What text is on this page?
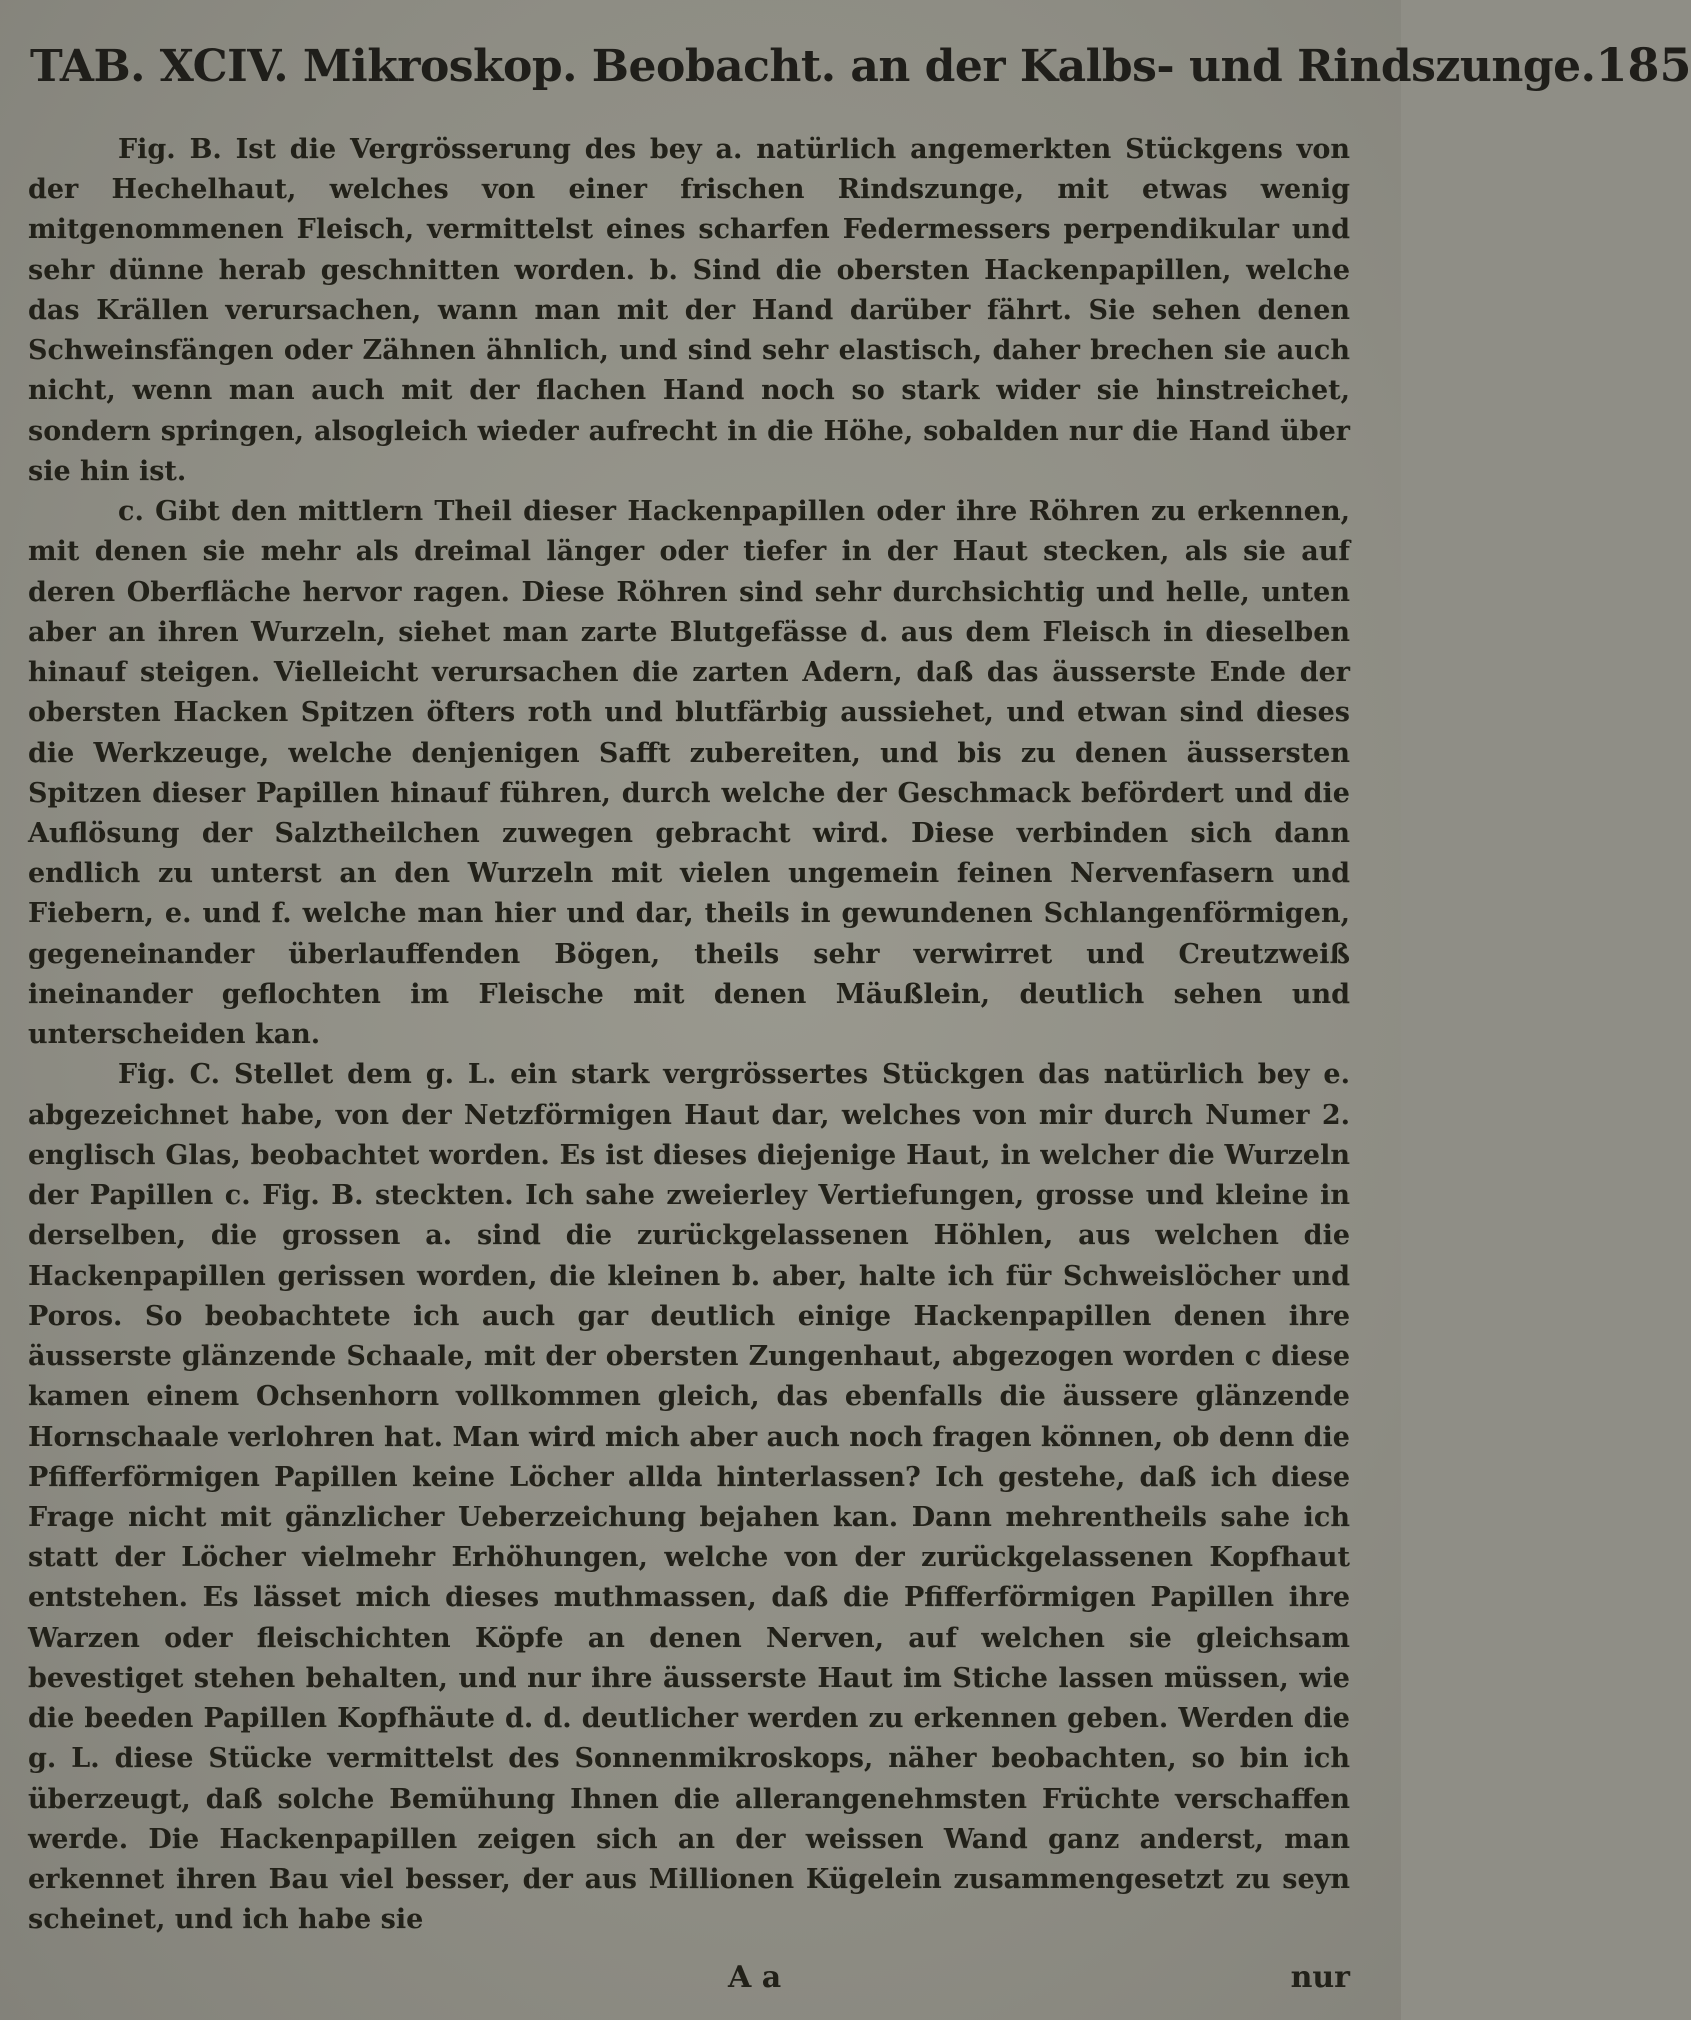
TAB. XCIV. Mikroskop. Beobacht. an der Kalbs- und Rindszunge. 185

Fig. B. Ist die Vergrösserung des bey a. natürlich angemerkten Stückgens von der Hechelhaut, welches von einer frischen Rindszunge, mit etwas wenig mitgenommenen Fleisch, vermittelst eines scharfen Federmessers perpendikular und sehr dünne herab geschnitten worden. b. Sind die obersten Hackenpapillen, welche das Krällen verursachen, wann man mit der Hand darüber fährt. Sie sehen denen Schweinsfängen oder Zähnen ähnlich, und sind sehr elastisch, daher brechen sie auch nicht, wenn man auch mit der flachen Hand noch so stark wider sie hinstreichet, sondern springen, alsogleich wieder aufrecht in die Höhe, sobalden nur die Hand über sie hin ist.

c. Gibt den mittlern Theil dieser Hackenpapillen oder ihre Röhren zu erkennen, mit denen sie mehr als dreimal länger oder tiefer in der Haut stecken, als sie auf deren Oberfläche hervor ragen. Diese Röhren sind sehr durchsichtig und helle, unten aber an ihren Wurzeln, siehet man zarte Blutgefässe d. aus dem Fleisch in dieselben hinauf steigen. Vielleicht verursachen die zarten Adern, daß das äusserste Ende der obersten Hacken Spitzen öfters roth und blutfärbig aussiehet, und etwan sind dieses die Werkzeuge, welche denjenigen Safft zubereiten, und bis zu denen äussersten Spitzen dieser Papillen hinauf führen, durch welche der Geschmack befördert und die Auflösung der Salztheilchen zuwegen gebracht wird. Diese verbinden sich dann endlich zu unterst an den Wurzeln mit vielen ungemein feinen Nervenfasern und Fiebern, e. und f. welche man hier und dar, theils in gewundenen Schlangenförmigen, gegeneinander überlauffenden Bögen, theils sehr verwirret und Creutzweiß ineinander geflochten im Fleische mit denen Mäußlein, deutlich sehen und unterscheiden kan.

Fig. C. Stellet dem g. L. ein stark vergrössertes Stückgen das natürlich bey e. abgezeichnet habe, von der Netzförmigen Haut dar, welches von mir durch Numer 2. englisch Glas, beobachtet worden. Es ist dieses diejenige Haut, in welcher die Wurzeln der Papillen c. Fig. B. steckten. Ich sahe zweierley Vertiefungen, grosse und kleine in derselben, die grossen a. sind die zurückgelassenen Höhlen, aus welchen die Hackenpapillen gerissen worden, die kleinen b. aber, halte ich für Schweislöcher und Poros. So beobachtete ich auch gar deutlich einige Hackenpapillen denen ihre äusserste glänzende Schaale, mit der obersten Zungenhaut, abgezogen worden c diese kamen einem Ochsenhorn vollkommen gleich, das ebenfalls die äussere glänzende Hornschaale verlohren hat. Man wird mich aber auch noch fragen können, ob denn die Pfifferförmigen Papillen keine Löcher allda hinterlassen? Ich gestehe, daß ich diese Frage nicht mit gänzlicher Ueberzeichung bejahen kan. Dann mehrentheils sahe ich statt der Löcher vielmehr Erhöhungen, welche von der zurückgelassenen Kopfhaut entstehen. Es lässet mich dieses muthmassen, daß die Pfifferförmigen Papillen ihre Warzen oder fleischichten Köpfe an denen Nerven, auf welchen sie gleichsam bevestiget stehen behalten, und nur ihre äusserste Haut im Stiche lassen müssen, wie die beeden Papillen Kopfhäute d. d. deutlicher werden zu erkennen geben. Werden die g. L. diese Stücke vermittelst des Sonnenmikroskops, näher beobachten, so bin ich überzeugt, daß solche Bemühung Ihnen die allerangenehmsten Früchte verschaffen werde. Die Hackenpapillen zeigen sich an der weissen Wand ganz anderst, man erkennet ihren Bau viel besser, der aus Millionen Kügelein zusammengesetzt zu seyn scheinet, und ich habe sie

A a	nur
